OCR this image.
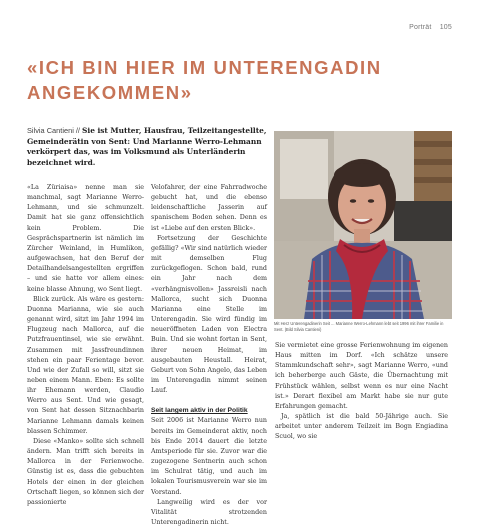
Porträt 105
«ICH BIN HIER IM UNTERENGADIN
ANGEKOMMEN»
Silvia Cantieni // Sie ist Mutter, Hausfrau, Teilzeitangestellte, Gemeinderätin von Sent: Und Marianne Werro-Lehmann verkörpert das, was im Volksmund als Unterländerin bezeichnet wird.

«La Züriaisa» nenne man sie manchmal, sagt Marianne Werro-Lehmann, und sie schmunzelt. Damit hat sie ganz offensichtlich kein Problem. Die Gesprächspartnerin ist nämlich im Zürcher Weinland, in Humlikon, aufgewachsen, hat den Beruf der Detailhandelsangestellten ergriffen – und sie hatte vor allem eines: keine blasse Ahnung, wo Sent liegt.

Blick zurück. Als wäre es gestern: Duonna Marianna, wie sie auch genannt wird, sitzt im Jahr 1994 im Flugzeug nach Mallorca, auf die Putzfrauentinsel, wie sie erwähnt. Zusammen mit Jassfreundinnen stehen ein paar Ferientage bevor. Und wie der Zufall so will, sitzt sie neben einem Mann. Eben: Es sollte ihr Ehemann werden, Claudio Werro aus Sent. Und wie gesagt, von Sent hat dessen Sitznachbarin Marianne Lehmann damals keinen blassen Schimmer.

Diese «Manko» sollte sich schnell ändern. Man trifft sich bereits in Mallorca in der Ferienwoche. Günstig ist es, dass die gebuchten Hotels der einen in der gleichen Ortschaft liegen, so können sich der passionierte

Velofahrer, der eine Fahrradwoche gebucht hat, und die ebenso leidenschaftliche Jasserin auf spanischem Boden sehen. Denn es ist «Liebe auf den ersten Blick».

Fortsetzung der Geschichte gefällig? «Wir sind natürlich wieder mit demselben Flug zurückgeflogen. Schon bald, rund ein Jahr nach dem «verhängnisvollen» Jassreisli nach Mallorca, sucht sich Duonna Marianna eine Stelle im Unterengadin. Sie wird fündig im neueröffneten Laden von Electra Buin. Und sie wohnt fortan in Sent, ihrer neuen Heimat, im ausgebauten Heustall. Heirat, Geburt von Sohn Angelo, das Leben im Unterengadin nimmt seinen Lauf.

Seit langem aktiv in der Politik

Seit 2006 ist Marianne Werro nun bereits im Gemeinderat aktiv, noch bis Ende 2014 dauert die letzte Amtsperiode für sie. Zuvor war die zugezogene Sentnerin auch schon im Schulrat tätig, und auch im lokalen Tourismusverein war sie im Vorstand.

Langweilig wird es der vor Vitalität strotzenden Unterengadinerin nicht.

Mit Herz Unterengadinerin Seit ... Marianne Werro-Lehmann lebt seit 1996 mit ihrer Familie in Sent. (Bild Silvia Cantieni)

Sie vermietet eine grosse Ferienwohnung im eigenen Haus mitten im Dorf. «Ich schätze unsere Stammkundschaft sehr», sagt Marianne Werro, «und ich beherberge auch Gäste, die Übernachtung mit Frühstück wählen, selbst wenn es nur eine Nacht ist.» Derart flexibel am Markt habe sie nur gute Erfahrungen gemacht.

Ja, spätlich ist die bald 50-Jährige auch. Sie arbeitet unter anderem Teilzeit im Bogn Engiadina Scuol, wo sie
